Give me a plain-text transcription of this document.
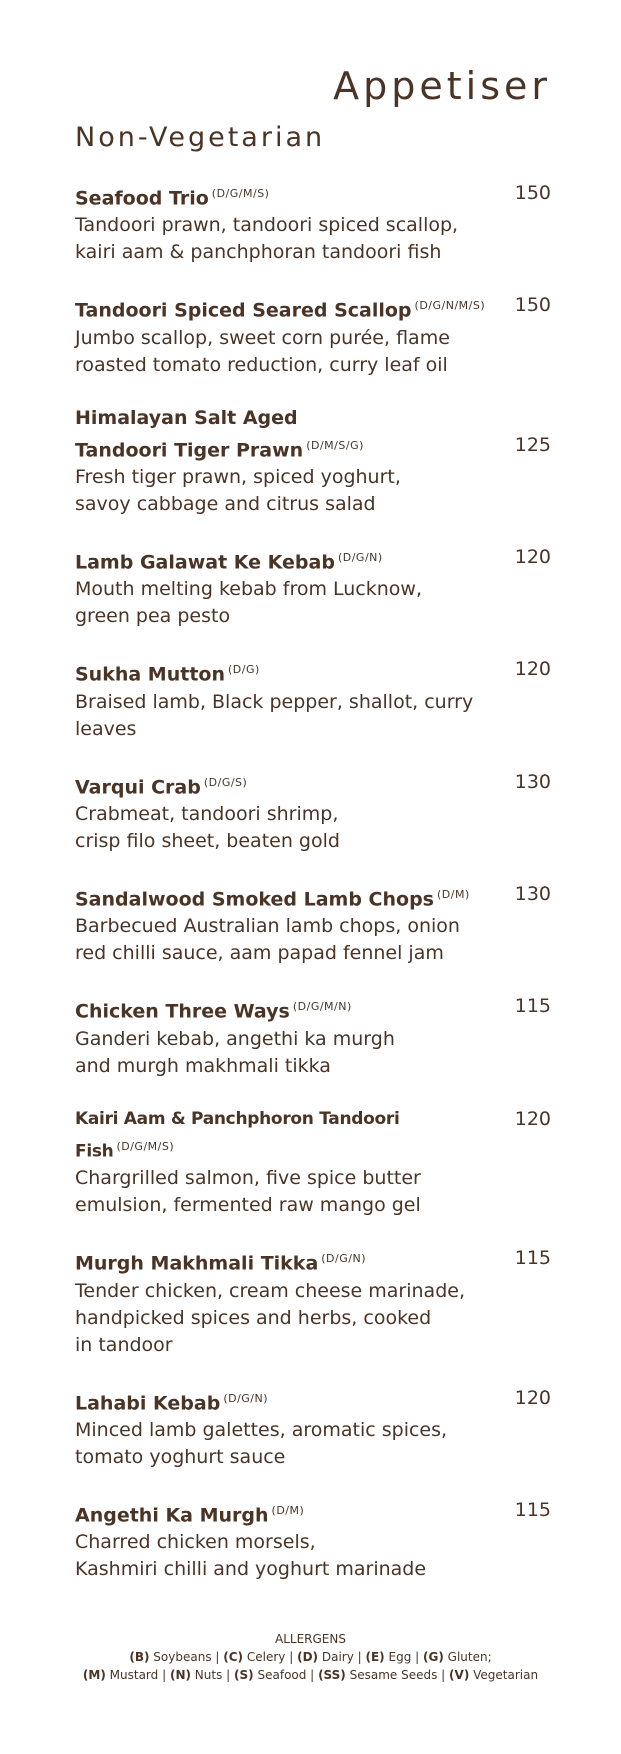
Appetiser
Non-Vegetarian
Seafood Trio $^{(D/G/M/S)}$	150
Tandoori prawn, tandoori spiced scallop,
kairi aam & panchphoran tandoori fish
Tandoori Spiced Seared Scallop $^{(D/G/N/M/S)}$	150
Jumbo scallop, sweet corn purée, flame
roasted tomato reduction, curry leaf oil
Himalayan Salt Aged
Tandoori Tiger Prawn $^{(D/M/S/G)}$	125
Fresh tiger prawn, spiced yoghurt,
savoy cabbage and citrus salad
Lamb Galawat Ke Kebab $^{(D/G/N)}$	120
Mouth melting kebab from Lucknow,
green pea pesto
Sukha Mutton $^{(D/G)}$	120
Braised lamb, Black pepper, shallot, curry
leaves
Varqui Crab $^{(D/G/S)}$	130
Crabmeat, tandoori shrimp,
crisp filo sheet, beaten gold
Sandalwood Smoked Lamb Chops $^{(D/M)}$	130
Barbecued Australian lamb chops, onion
red chilli sauce, aam papad fennel jam
Chicken Three Ways $^{(D/G/M/N)}$	115
Ganderi kebab, angethi ka murgh
and murgh makhmali tikka
Kairi Aam & Panchphoron Tandoori Fish $^{(D/G/M/S)}$
120
Chargrilled salmon, five spice butter
emulsion, fermented raw mango gel
Murgh Makhmali Tikka $^{(D/G/N)}$	115
Tender chicken, cream cheese marinade,
handpicked spices and herbs, cooked
in tandoor
Lahabi Kebab $^{(D/G/N)}$	120
Minced lamb galettes, aromatic spices,
tomato yoghurt sauce
Angethi Ka Murgh $^{(D/M)}$	115
Charred chicken morsels,
Kashmiri chilli and yoghurt marinade
ALLERGENS
(B) Soybeans | (C) Celery | (D) Dairy | (E) Egg | (G) Gluten;
(M) Mustard | (N) Nuts | (S) Seafood | (SS) Sesame Seeds | (V) Vegetarian
